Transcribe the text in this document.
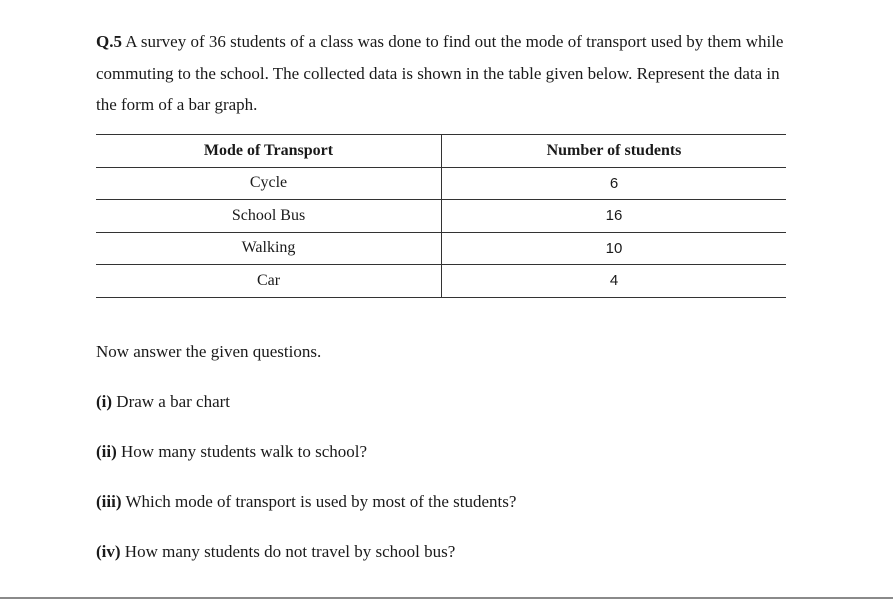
Q.5 A survey of 36 students of a class was done to find out the mode of transport used by them while commuting to the school. The collected data is shown in the table given below. Represent the data in the form of a bar graph.

Mode of Transport	Number of students
Cycle	6
School Bus	16
Walking	10
Car	4
Now answer the given questions.
(i) Draw a bar chart
(ii) How many students walk to school?
(iii) Which mode of transport is used by most of the students?
(iv) How many students do not travel by school bus?
